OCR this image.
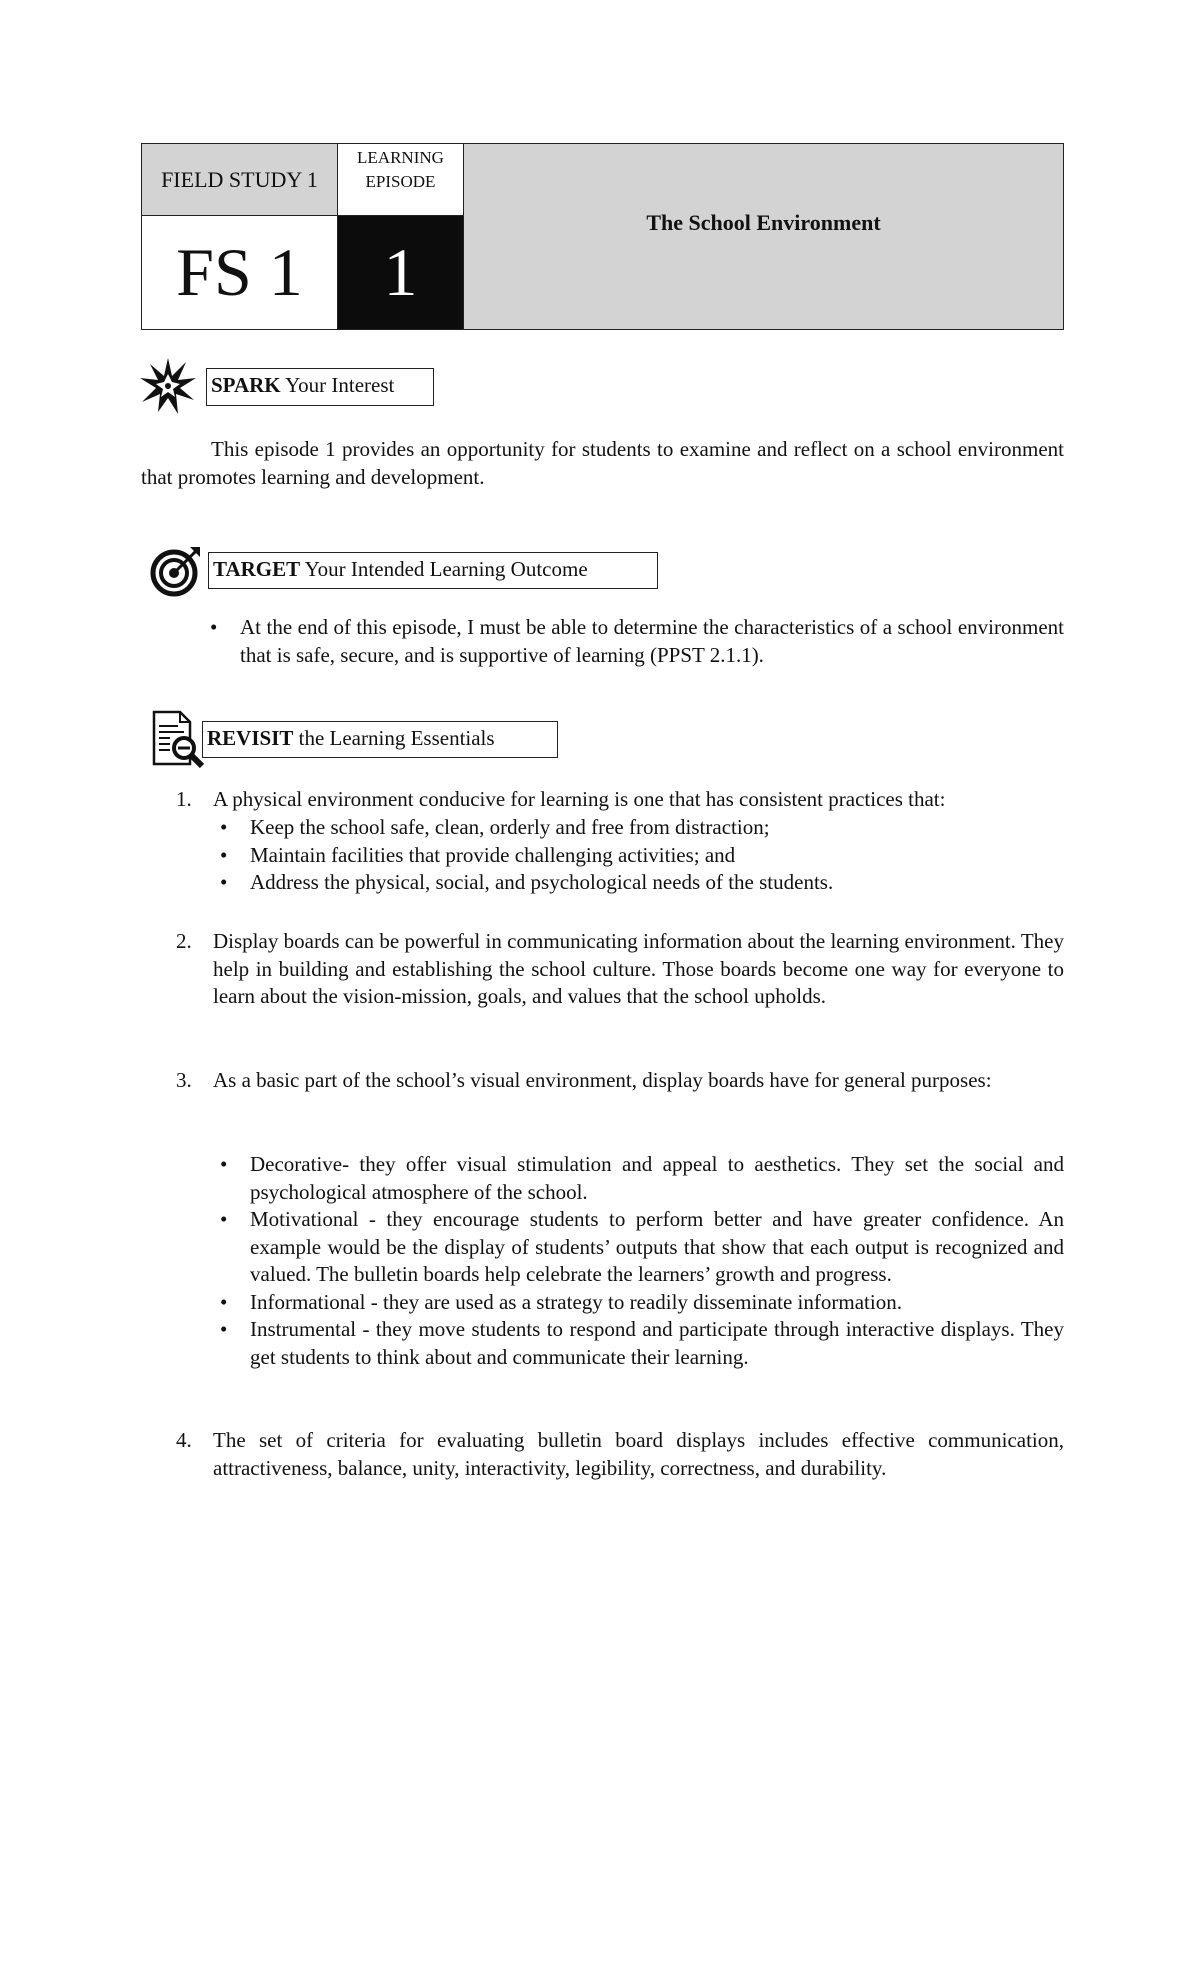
FIELD STUDY 1
LEARNING EPISODE
FS 1 1
The School Environment
SPARK Your Interest

This episode 1 provides an opportunity for students to examine and reflect on a school environment that promotes learning and development.

TARGET Your Intended Learning Outcome
• At the end of this episode, I must be able to determine the characteristics of a school environment that is safe, secure, and is supportive of learning (PPST 2.1.1).
REVISIT the Learning Essentials
1. A physical environment conducive for learning is one that has consistent practices that:

• Keep the school safe, clean, orderly and free from distraction;
• Maintain facilities that provide challenging activities; and
• Address the physical, social, and psychological needs of the students.
2. Display boards can be powerful in communicating information about the learning environment. They help in building and establishing the school culture. Those boards become one way for everyone to learn about the vision-mission, goals, and values that the school upholds.

3. As a basic part of the school’s visual environment, display boards have for general purposes:

• Decorative- they offer visual stimulation and appeal to aesthetics. They set the social and psychological atmosphere of the school.
• Motivational - they encourage students to perform better and have greater confidence. An example would be the display of students’ outputs that show that each output is recognized and valued. The bulletin boards help celebrate the learners’ growth and progress.
• Informational - they are used as a strategy to readily disseminate information.
• Instrumental - they move students to respond and participate through interactive displays. They get students to think about and communicate their learning.
4. The set of criteria for evaluating bulletin board displays includes effective communication, attractiveness, balance, unity, interactivity, legibility, correctness, and durability.
